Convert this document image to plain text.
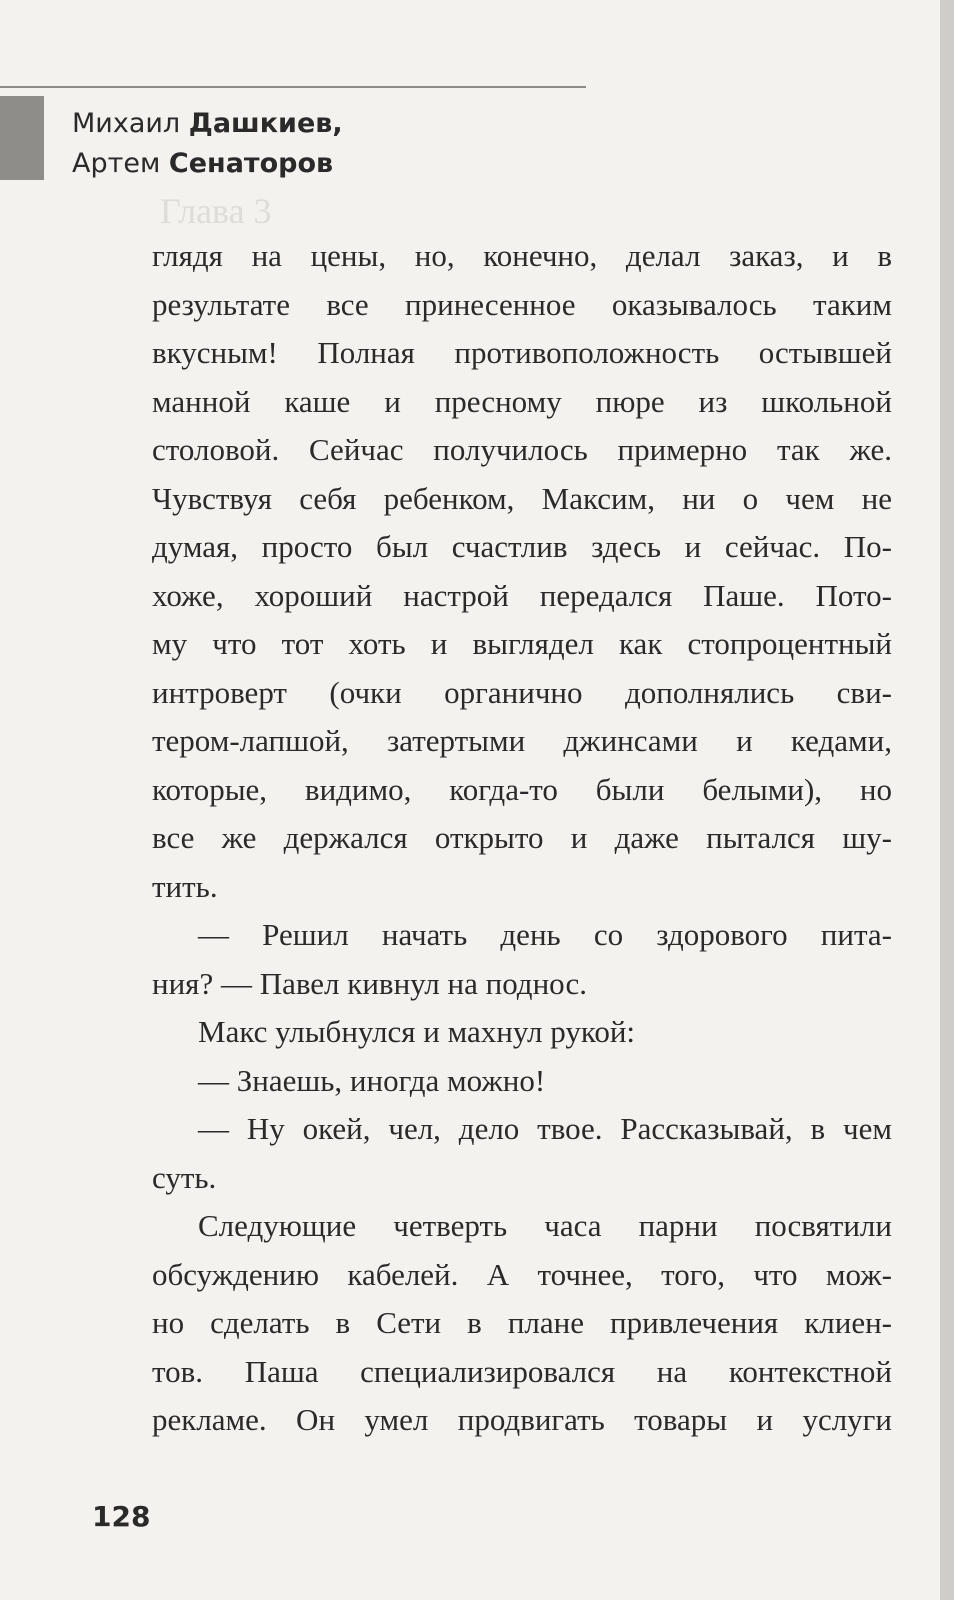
Михаил Дашкиев,
Артем Сенаторов
Глава 3
глядя на цены, но, конечно, делал заказ, и в
результате все принесенное оказывалось таким
вкусным! Полная противоположность остывшей
манной каше и пресному пюре из школьной
столовой. Сейчас получилось примерно так же.
Чувствуя себя ребенком, Максим, ни о чем не
думая, просто был счастлив здесь и сейчас. По-
хоже, хороший настрой передался Паше. Пото-
му что тот хоть и выглядел как стопроцентный
интроверт (очки органично дополнялись сви-
тером-лапшой, затертыми джинсами и кедами,
которые, видимо, когда-то были белыми), но
все же держался открыто и даже пытался шу-
тить.
— Решил начать день со здорового пита-
ния? — Павел кивнул на поднос.
Макс улыбнулся и махнул рукой:
— Знаешь, иногда можно!
— Ну окей, чел, дело твое. Рассказывай, в чем
суть.
Следующие четверть часа парни посвятили
обсуждению кабелей. А точнее, того, что мож-
но сделать в Сети в плане привлечения клиен-
тов. Паша специализировался на контекстной
рекламе. Он умел продвигать товары и услуги
128
